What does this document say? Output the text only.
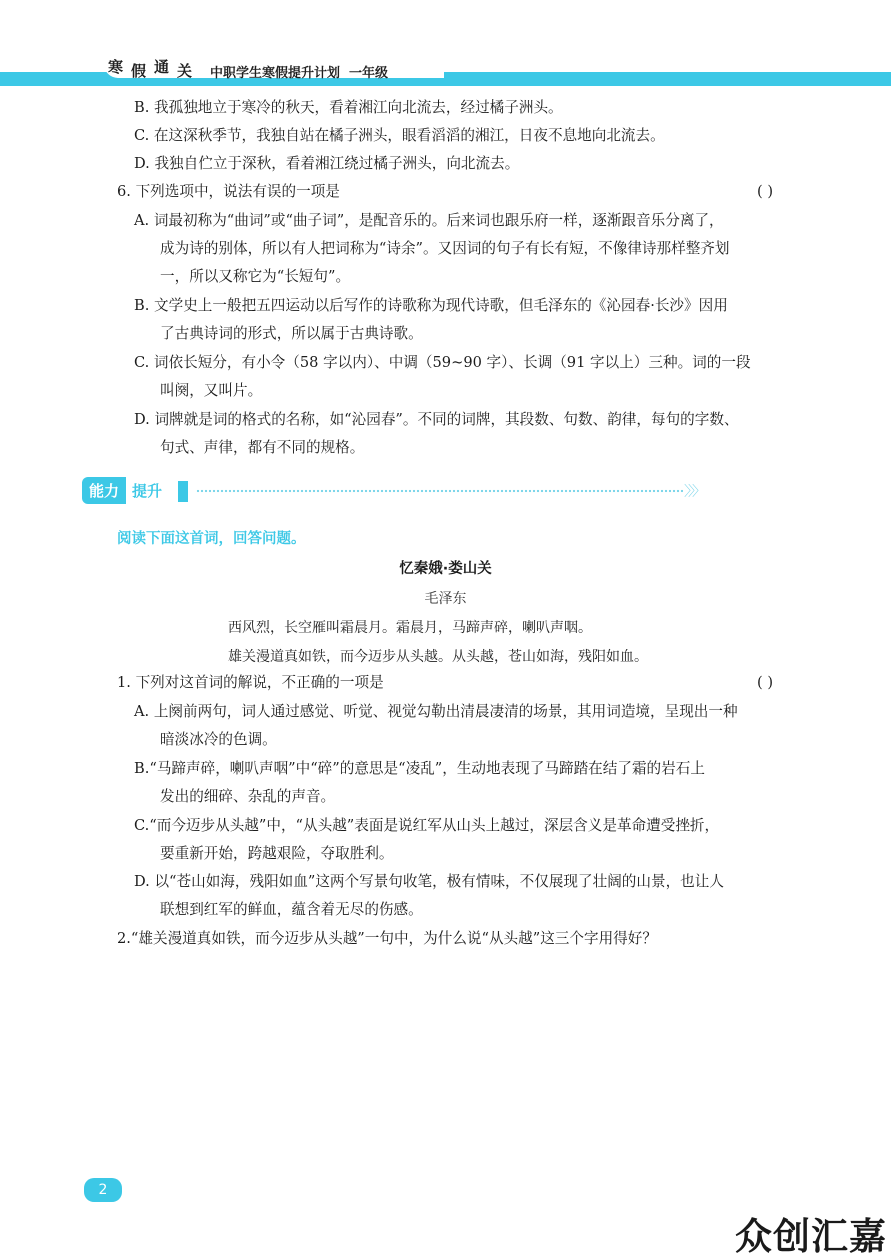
寒 假 通 关 中职学生寒假提升计划  一年级
B. 我孤独地立于寒冷的秋天，看着湘江向北流去，经过橘子洲头。
C. 在这深秋季节，我独自站在橘子洲头，眼看滔滔的湘江，日夜不息地向北流去。
D. 我独自伫立于深秋，看着湘江绕过橘子洲头，向北流去。
6. 下列选项中，说法有误的一项是	( )
A. 词最初称为“曲词”或“曲子词”，是配音乐的。后来词也跟乐府一样，逐渐跟音乐分离了，
成为诗的别体，所以有人把词称为“诗余”。又因词的句子有长有短，不像律诗那样整齐划
一，所以又称它为“长短句”。
B. 文学史上一般把五四运动以后写作的诗歌称为现代诗歌，但毛泽东的《沁园春·长沙》因用
了古典诗词的形式，所以属于古典诗歌。
C. 词依长短分，有小令（58 字以内）、中调（59~90 字）、长调（91 字以上）三种。词的一段
叫阕，又叫片。
D. 词牌就是词的格式的名称，如“沁园春”。不同的词牌，其段数、句数、韵律，每句的字数、
句式、声律，都有不同的规格。
能力 提升	〉〉〉
阅读下面这首词，回答问题。
忆秦娥·娄山关
毛泽东
西风烈，长空雁叫霜晨月。霜晨月，马蹄声碎，喇叭声咽。
雄关漫道真如铁，而今迈步从头越。从头越，苍山如海，残阳如血。
1. 下列对这首词的解说，不正确的一项是	( )
A. 上阕前两句，词人通过感觉、听觉、视觉勾勒出清晨凄清的场景，其用词造境，呈现出一种
暗淡冰冷的色调。
B.“马蹄声碎，喇叭声咽”中“碎”的意思是“凌乱”，生动地表现了马蹄踏在结了霜的岩石上
发出的细碎、杂乱的声音。
C.“而今迈步从头越”中，“从头越”表面是说红军从山头上越过，深层含义是革命遭受挫折，
要重新开始，跨越艰险，夺取胜利。
D. 以“苍山如海，残阳如血”这两个写景句收笔，极有情味，不仅展现了壮阔的山景，也让人
联想到红军的鲜血，蕴含着无尽的伤感。
2.“雄关漫道真如铁，而今迈步从头越”一句中，为什么说“从头越”这三个字用得好？
2
众创汇嘉
